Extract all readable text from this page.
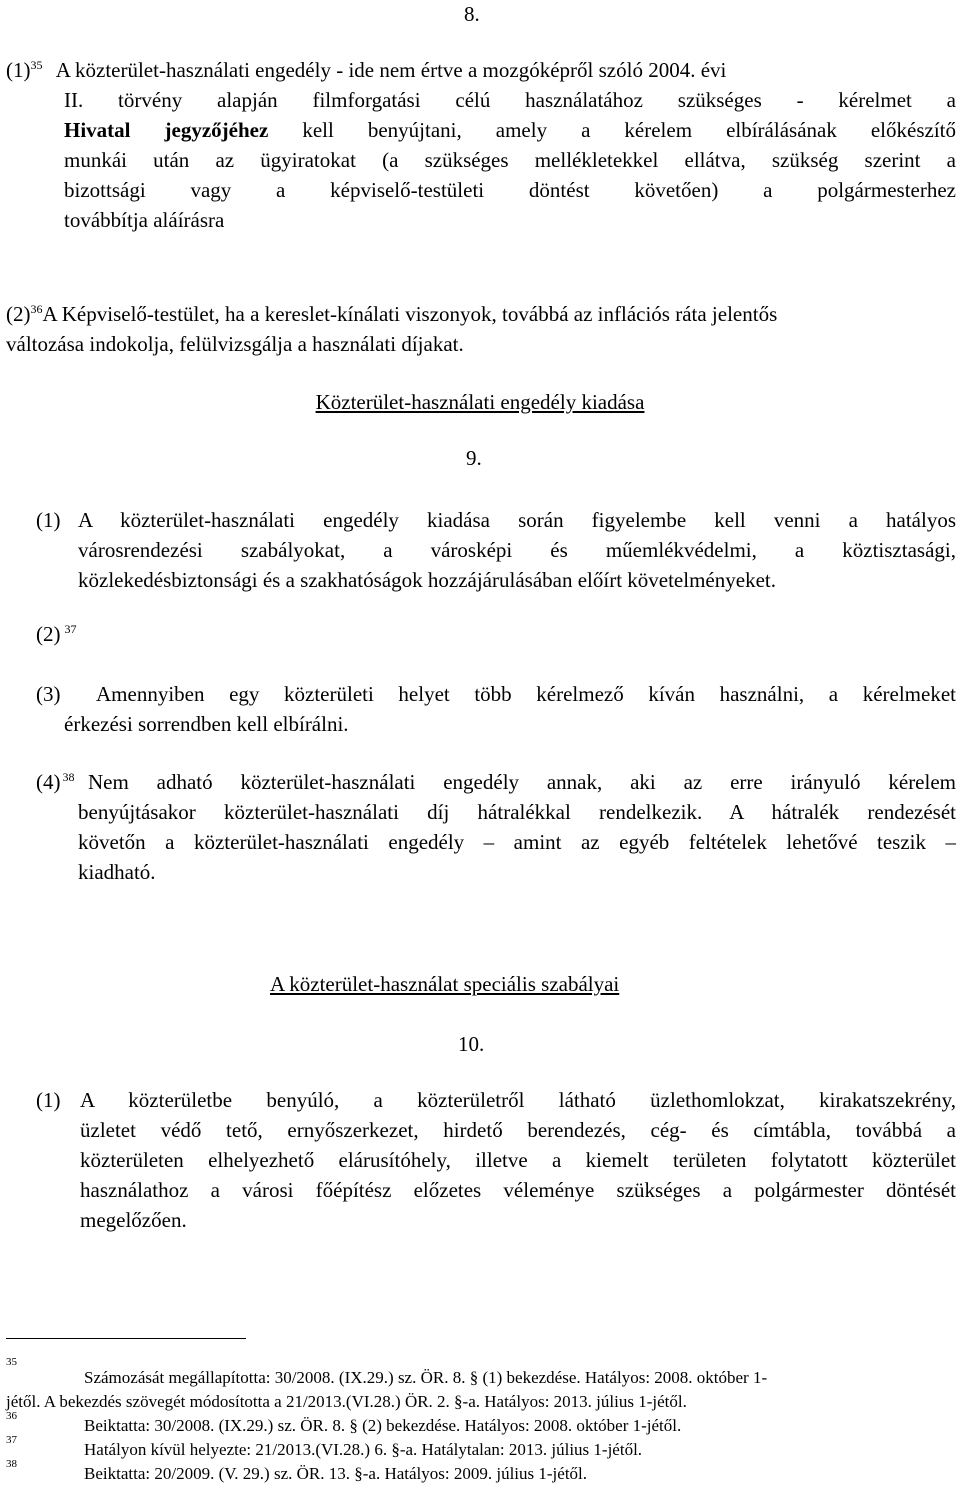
8.
$(1)^{35}$ A közterület-használati engedély - ide nem értve a mozgóképről szóló 2004. évi
II. törvény alapján filmforgatási célú használatához szükséges - kérelmet a
Hivatal jegyzőjéhez kell benyújtani, amely a kérelem elbírálásának előkészítő
munkái után az ügyiratokat (a szükséges mellékletekkel ellátva, szükség szerint a
bizottsági vagy a képviselő-testületi döntést követően) a polgármesterhez
továbbítja aláírásra
$(2)^{36}A$ Képviselő-testület, ha a kereslet-kínálati viszonyok, továbbá az inflációs ráta jelentős
változása indokolja, felülvizsgálja a használati díjakat.
Közterület-használati engedély kiadása
9.
(1) A közterület-használati engedély kiadása során figyelembe kell venni a hatályos
városrendezési szabályokat, a városképi és műemlékvédelmi, a köztisztasági,
közlekedésbiztonsági és a szakhatóságok hozzájárulásában előírt követelményeket.
(2) $^{37}$
(3) Amennyiben egy közterületi helyet több kérelmező kíván használni, a kérelmeket
érkezési sorrendben kell elbírálni.
(4) $^{38}$ Nem adható közterület-használati engedély annak, aki az erre irányuló kérelem
benyújtásakor közterület-használati díj hátralékkal rendelkezik. A hátralék rendezését
követőn a közterület-használati engedély – amint az egyéb feltételek lehetővé teszik –
kiadható.
A közterület-használat speciális szabályai
10.
(1) A közterületbe benyúló, a közterületről látható üzlethomlokzat, kirakatszekrény,
üzletet védő tető, ernyőszerkezet, hirdető berendezés, cég- és címtábla, továbbá a
közterületen elhelyezhető elárusítóhely, illetve a kiemelt területen folytatott közterület
használathoz a városi főépítész előzetes véleménye szükséges a polgármester döntését
megelőzően.
35
Számozását megállapította: 30/2008. (IX.29.) sz. ÖR. 8. § (1) bekezdése. Hatályos: 2008. október 1-
jétől. A bekezdés szövegét módosította a 21/2013.(VI.28.) ÖR. 2. §-a. Hatályos: 2013. július 1-jétől.
36	Beiktatta: 30/2008. (IX.29.) sz. ÖR. 8. § (2) bekezdése. Hatályos: 2008. október 1-jétől.
37	Hatályon kívül helyezte: 21/2013.(VI.28.) 6. §-a. Hatálytalan: 2013. július 1-jétől.
38	Beiktatta: 20/2009. (V. 29.) sz. ÖR. 13. §-a. Hatályos: 2009. július 1-jétől.
